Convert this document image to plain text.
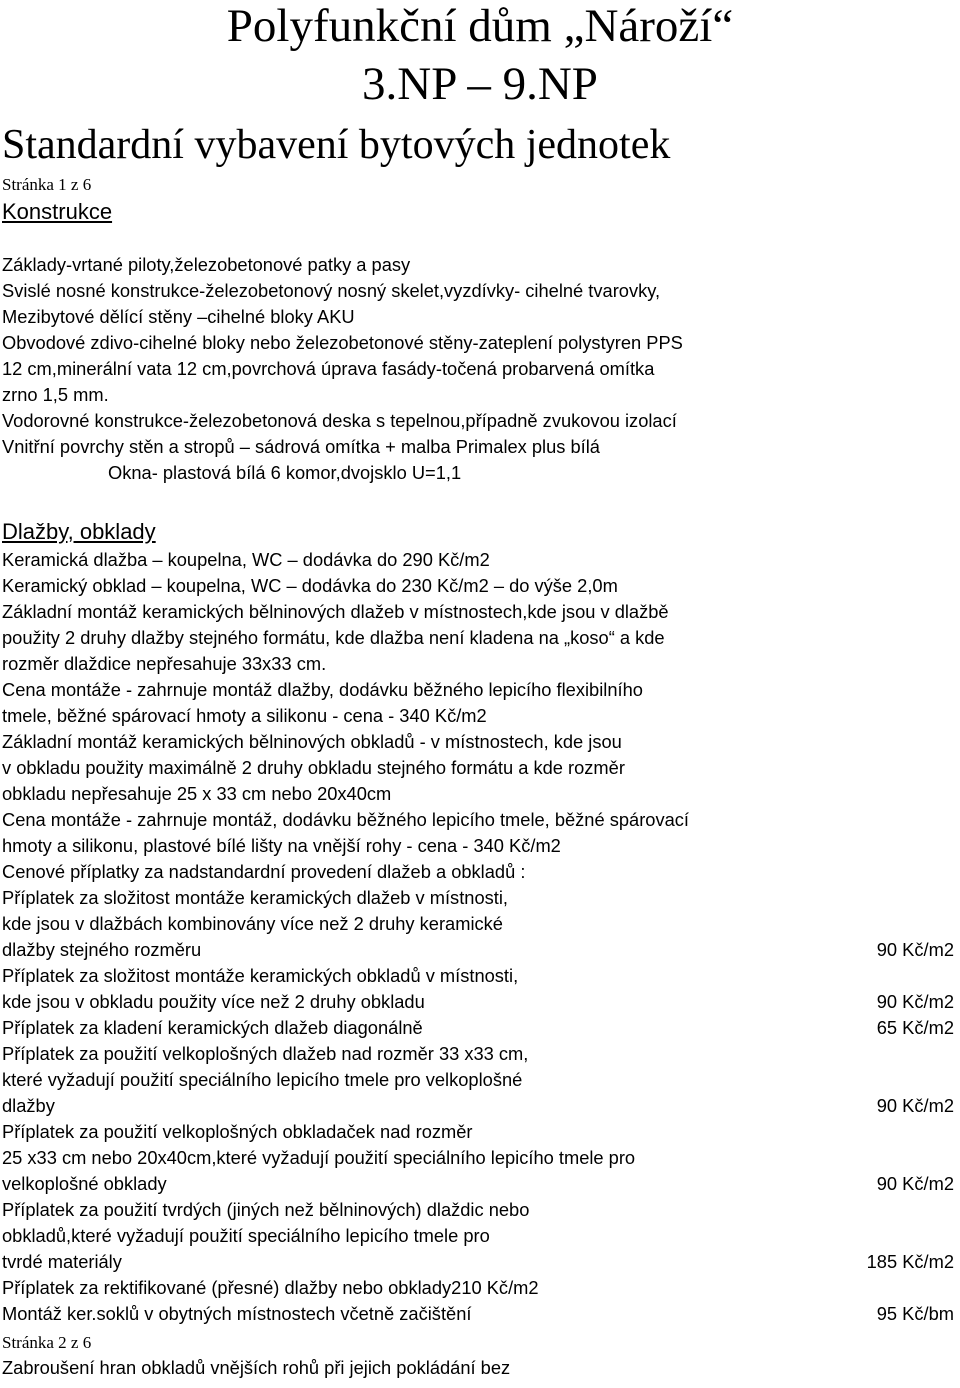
Polyfunkční dům „Nároží“
3.NP – 9.NP
Standardní vybavení bytových jednotek
Stránka 1 z 6
Konstrukce
Základy-vrtané piloty,železobetonové patky a pasy
Svislé nosné konstrukce-železobetonový nosný skelet,vyzdívky- cihelné tvarovky,
Mezibytové dělící stěny –cihelné bloky AKU
Obvodové zdivo-cihelné bloky nebo železobetonové stěny-zateplení polystyren PPS
12 cm,minerální vata 12 cm,povrchová úprava fasády-točená probarvená omítka
zrno 1,5 mm.
Vodorovné konstrukce-železobetonová deska s tepelnou,případně zvukovou izolací
Vnitřní povrchy stěn a stropů – sádrová omítka + malba Primalex plus bílá
Okna- plastová bílá 6 komor,dvojsklo U=1,1
Dlažby, obklady
Keramická dlažba – koupelna, WC – dodávka do 290 Kč/m2
Keramický obklad – koupelna, WC – dodávka do 230 Kč/m2 – do výše 2,0m
Základní montáž keramických bělninových dlažeb v místnostech,kde jsou v dlažbě
použity 2 druhy dlažby stejného formátu, kde dlažba není kladena na „koso“ a kde
rozměr dlaždice nepřesahuje 33x33 cm.
Cena montáže - zahrnuje montáž dlažby, dodávku běžného lepicího flexibilního
tmele, běžné spárovací hmoty a silikonu - cena - 340 Kč/m2
Základní montáž keramických bělninových obkladů - v místnostech, kde jsou
v obkladu použity maximálně 2 druhy obkladu stejného formátu a kde rozměr
obkladu nepřesahuje 25 x 33 cm nebo 20x40cm
Cena montáže - zahrnuje montáž, dodávku běžného lepicího tmele, běžné spárovací
hmoty a silikonu, plastové bílé lišty na vnější rohy - cena - 340 Kč/m2
Cenové příplatky za nadstandardní provedení dlažeb a obkladů :
Příplatek za složitost montáže keramických dlažeb v místnosti,
kde jsou v dlažbách kombinovány více než 2 druhy keramické
dlažby stejného rozměru	90 Kč/m2
Příplatek za složitost montáže keramických obkladů v místnosti,
kde jsou v obkladu použity více než 2 druhy obkladu	90 Kč/m2
Příplatek za kladení keramických dlažeb diagonálně	65 Kč/m2
Příplatek za použití velkoplošných dlažeb nad rozměr 33 x33 cm,
které vyžadují použití speciálního lepicího tmele pro velkoplošné
dlažby	90 Kč/m2
Příplatek za použití velkoplošných obkladaček nad rozměr
25 x33 cm nebo 20x40cm,které vyžadují použití speciálního lepicího tmele pro
velkoplošné obklady	90 Kč/m2
Příplatek za použití tvrdých (jiných než bělninových) dlaždic nebo
obkladů,které vyžadují použití speciálního lepicího tmele pro
tvrdé materiály	185 Kč/m2
Příplatek za rektifikované (přesné) dlažby nebo obklady210 Kč/m2
Montáž ker.soklů v obytných místnostech včetně začištění	95 Kč/bm
Stránka 2 z 6
Zabroušení hran obkladů vnějších rohů při jejich pokládání bez
